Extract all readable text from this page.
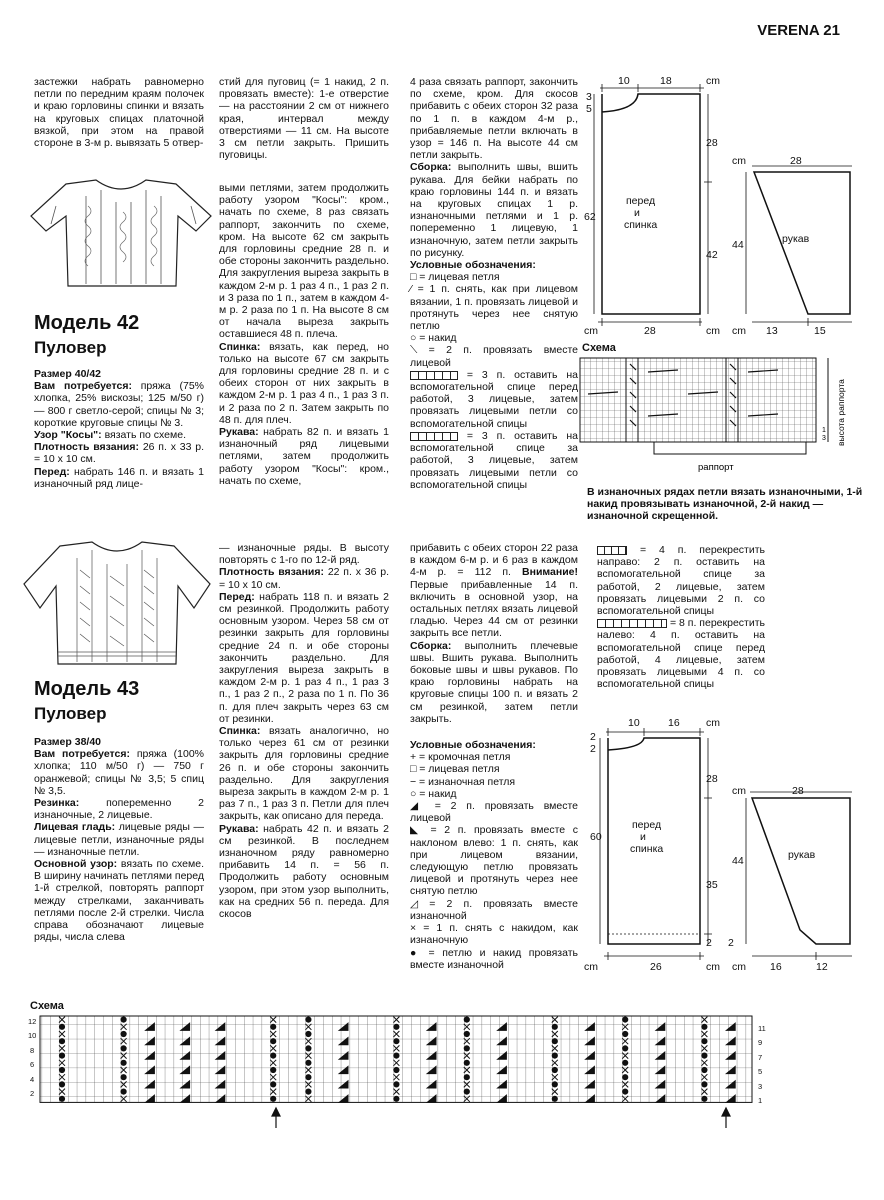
VERENA 21
застежки набрать равномерно петли по передним краям полочек и краю горловины спинки и вязать на круговых спицах платочной вязкой, при этом на правой стороне в 3-м р. вывязать 5 отвер-
Модель 42
Пуловер

Размер 40/42

Вам потребуется: пряжа (75% хлопка, 25% вискозы; 125 м/50 г) — 800 г светло-серой; спицы № 3; короткие круговые спицы № 3.

Узор "Косы": вязать по схеме.

Плотность вязания: 26 п. х 33 р. = 10 х 10 см.

Перед: набрать 146 п. и вязать 1 изнаночный ряд лице-

стий для пуговиц (= 1 накид, 2 п. провязать вместе): 1-е отверстие — на расстоянии 2 см от нижнего края, интервал между отверстиями — 11 см. На высоте 3 см петли закрыть. Пришить пуговицы.

выми петлями, затем продолжить работу узором "Косы": кром., начать по схеме, 8 раз связать раппорт, закончить по схеме, кром. На высоте 62 см закрыть для горловины средние 28 п. и обе стороны закончить раздельно. Для закругления выреза закрыть в каждом 2-м р. 1 раз 4 п., 1 раз 2 п. и 3 раза по 1 п., затем в каждом 4-м р. 2 раза по 1 п. На высоте 8 см от начала выреза закрыть оставшиеся 48 п. плеча.

Спинка: вязать, как перед, но только на высоте 67 см закрыть для горловины средние 28 п. и с обеих сторон от них закрыть в каждом 2-м р. 1 раз 4 п., 1 раз 3 п. и 2 раза по 2 п. Затем закрыть по 48 п. для плеч.

Рукава: набрать 82 п. и вязать 1 изнаночный ряд лицевыми петлями, затем продолжить работу узором "Косы": кром., начать по схеме,

4 раза связать раппорт, закончить по схеме, кром. Для скосов прибавить с обеих сторон 32 раза по 1 п. в каждом 4-м р., прибавляемые петли включать в узор = 146 п. На высоте 44 см петли закрыть.

Сборка: выполнить швы, вшить рукава. Для бейки набрать по краю горловины 144 п. и вязать на круговых спицах 1 р. изнаночными петлями и 1 р. попеременно 1 лицевую, 1 изнаночную, затем петли закрыть по рисунку.

Условные обозначения:

□ = лицевая петля

⁄ = 1 п. снять, как при лицевом вязании, 1 п. провязать лицевой и протянуть через нее снятую петлю

○ = накид

⟍ = 2 п. провязать вместе лицевой

= 3 п. оставить на вспомогательной спице перед работой, 3 лицевые, затем провязать лицевыми петли со вспомогательной спицы

= 3 п. оставить на вспомогательной спице за работой, 3 лицевые, затем провязать лицевыми петли со вспомогательной спицы

10	18	cm
3
5
28
62
42
cm	28	cm
перед
и
спинка
cm	28
44	рукав
cm 13	15
Схема
раппорт
3
1 высота раппорта
В изнаночных рядах петли вязать изнаночными, 1-й накид провязывать изнаночной, 2-й накид — изнаночной скрещенной.
Модель 43
Пуловер

Размер 38/40

Вам потребуется: пряжа (100% хлопка; 110 м/50 г) — 750 г оранжевой; спицы № 3,5; 5 спиц № 3,5.

Резинка:	попеременно 2 изнаночные, 2 лицевые.

Лицевая гладь: лицевые ряды — лицевые петли, изнаночные ряды — изнаночные петли.

Основной узор: вязать по схеме. В ширину начинать петлями перед 1-й стрелкой, повторять раппорт между стрелками, заканчивать петлями после 2-й стрелки. Числа справа обозначают лицевые ряды, числа слева

— изнаночные ряды. В высоту повторять с 1-го по 12-й ряд.

Плотность вязания: 22 п. х 36 р. = 10 х 10 см.

Перед: набрать 118 п. и вязать 2 см резинкой. Продолжить работу основным узором. Через 58 см от резинки закрыть для горловины средние 24 п. и обе стороны закончить раздельно. Для закругления выреза закрыть в каждом 2-м р. 1 раз 4 п., 1 раз 3 п., 1 раз 2 п., 2 раза по 1 п. По 36 п. для плеч закрыть через 63 см от резинки.

Спинка: вязать аналогично, но только через 61 см от резинки закрыть для горловины средние 26 п. и обе стороны закончить раздельно. Для закругления выреза закрыть в каждом 2-м р. 1 раз 7 п., 1 раз 3 п. Петли для плеч закрыть, как описано для переда.

Рукава: набрать 42 п. и вязать 2 см резинкой. В последнем изнаночном ряду равномерно прибавить 14 п. = 56 п. Продолжить работу основным узором, при этом узор выполнить, как на средних 56 п. переда. Для скосов

прибавить с обеих сторон 22 раза в каждом 6-м р. и 6 раз в каждом 4-м р. = 112 п. Внимание! Первые прибавленные 14 п. включить в основной узор, на остальных петлях вязать лицевой гладью. Через 44 см от резинки закрыть все петли.

Сборка: выполнить плечевые швы. Вшить рукава. Выполнить боковые швы и швы рукавов. По краю горловины набрать на круговые спицы 100 п. и вязать 2 см резинкой, затем петли закрыть.

Условные обозначения:

+ = кромочная петля

□ = лицевая петля

− = изнаночная петля

○ = накид

◢ = 2 п. провязать вместе лицевой

◣ = 2 п. провязать вместе с наклоном влево: 1 п. снять, как при лицевом вязании, следующую петлю провязать лицевой и протянуть через нее снятую петлю

◿ = 2 п. провязать вместе изнаночной

× = 1 п. снять с накидом, как изнаночную

● = петлю и накид провязать вместе изнаночной

= 4 п. перекрестить направо: 2 п. оставить на вспомогательной спице за работой, 2 лицевые, затем провязать лицевыми 2 п. со вспомогательной спицы

= 8 п. перекрестить налево: 4 п. оставить на вспомогательной спице перед работой, 4 лицевые, затем провязать лицевыми 4 п. со вспомогательной спицы

10	16	cm
2
2
28
60
35
2 2
cm	26	cm
перед
и
спинка
cm	28
44	рукав
cm 16	12
Схема
12
10
8
6
4
2
11
9
7
5
3
1
